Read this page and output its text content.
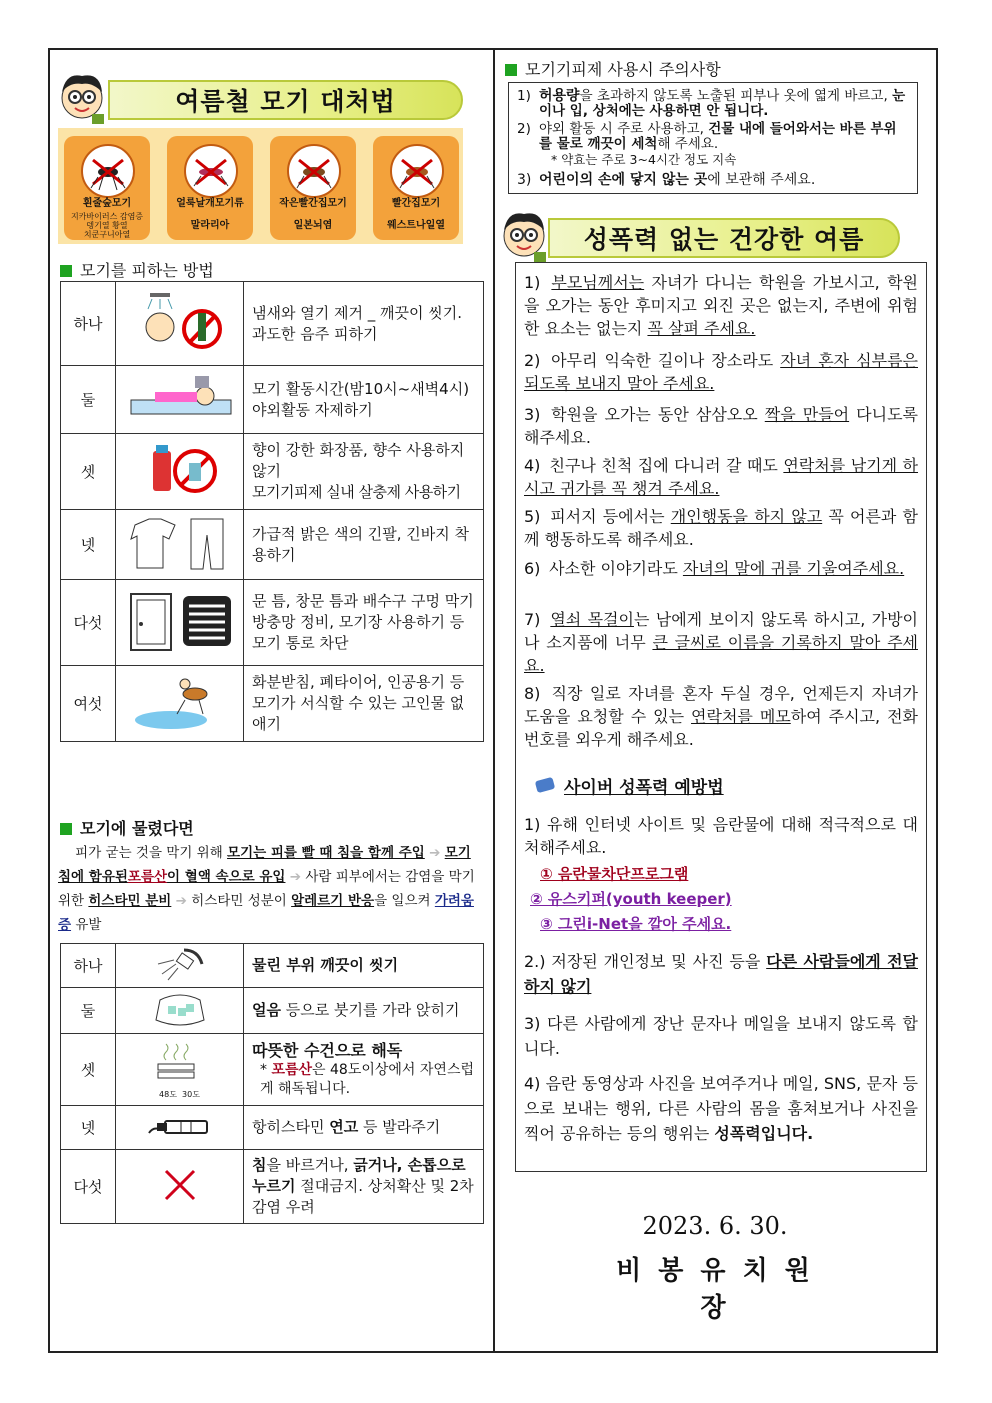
여름철 모기 대처법
흰줄숲모기
지카바이러스 감염증
뎅기열 황열
치쿤구니아열
얼룩날개모기류
말라리아
작은빨간집모기
일본뇌염
빨간집모기
웨스트나일열
모기를 피하는 방법
하나		냄새와 열기 제거 _ 깨끗이 씻기. 과도한 음주 피하기
둘		모기 활동시간(밤10시~새벽4시) 야외활동 자제하기
셋		향이 강한 화장품, 향수 사용하지 않기
모기기피제 실내 살충제 사용하기

넷		가급적 밝은 색의 긴팔, 긴바지 착용하기
다섯		문 틈, 창문 틈과 배수구 구멍 막기
방충망 정비, 모기장 사용하기 등 모기 통로 차단

여섯		화분받침, 폐타이어, 인공용기 등 모기가 서식할 수 있는 고인물 없애기
모기에 물렸다면
피가 굳는 것을 막기 위해 모기는 피를 빨 때 침을 함께 주입 ➔ 모기 침에 함유된포름산이 혈액 속으로 유입 ➔ 사람 피부에서는 감염을 막기 위한 히스타민 분비 ➔ 히스타민 성분이 알레르기 반응을 일으켜 가려움증 유발
하나		물린 부위 깨끗이 씻기
둘		얼음 등으로 붓기를 가라 앉히기
셋	48도 30도	따뜻한 수건으로 해독
* 포름산은 48도이상에서 자연스럽게 해독됩니다.

넷		항히스타민 연고 등 발라주기
다섯		침을 바르거나, 긁거나, 손톱으로 누르기 절대금지. 상처확산 및 2차 감염 우려
모기기피제 사용시 주의사항
1) 허용량을 초과하지 않도록 노출된 피부나 옷에 엷게 바르고, 눈이나 입, 상처에는 사용하면 안 됩니다.
2) 야외 활동 시 주로 사용하고, 건물 내에 들어와서는 바른 부위를 물로 깨끗이 세척해 주세요.
* 약효는 주로 3~4시간 정도 지속
3) 어린이의 손에 닿지 않는 곳에 보관해 주세요.
성폭력 없는 건강한 여름
1) 부모님께서는 자녀가 다니는 학원을 가보시고, 학원을 오가는 동안 후미지고 외진 곳은 없는지, 주변에 위험한 요소는 없는지 꼭 살펴 주세요.
2) 아무리 익숙한 길이나 장소라도 자녀 혼자 심부름은 되도록 보내지 말아 주세요.
3) 학원을 오가는 동안 삼삼오오 짝을 만들어 다니도록 해주세요.
4) 친구나 친척 집에 다니러 갈 때도 연락처를 남기게 하시고 귀가를 꼭 챙겨 주세요.
5) 피서지 등에서는 개인행동을 하지 않고 꼭 어른과 함께 행동하도록 해주세요.
6) 사소한 이야기라도 자녀의 말에 귀를 기울여주세요.
7) 열쇠 목걸이는 남에게 보이지 않도록 하시고, 가방이나 소지품에 너무 큰 글씨로 이름을 기록하지 말아 주세요.
8) 직장 일로 자녀를 혼자 두실 경우, 언제든지 자녀가 도움을 요청할 수 있는 연락처를 메모하여 주시고, 전화번호를 외우게 해주세요.
사이버 성폭력 예방법
1) 유해 인터넷 사이트 및 음란물에 대해 적극적으로 대처해주세요.
① 음란물차단프로그램
② 유스키퍼(youth keeper)
③ 그린i-Net을 깔아 주세요.
2.) 저장된 개인정보 및 사진 등을 다른 사람들에게 전달하지 않기
3) 다른 사람에게 장난 문자나 메일을 보내지 않도록 합니다.
4) 음란 동영상과 사진을 보여주거나 메일, SNS, 문자 등으로 보내는 행위, 다른 사람의 몸을 훔쳐보거나 사진을 찍어 공유하는 등의 행위는 성폭력입니다.
2023. 6. 30.
비 봉 유 치 원 장
